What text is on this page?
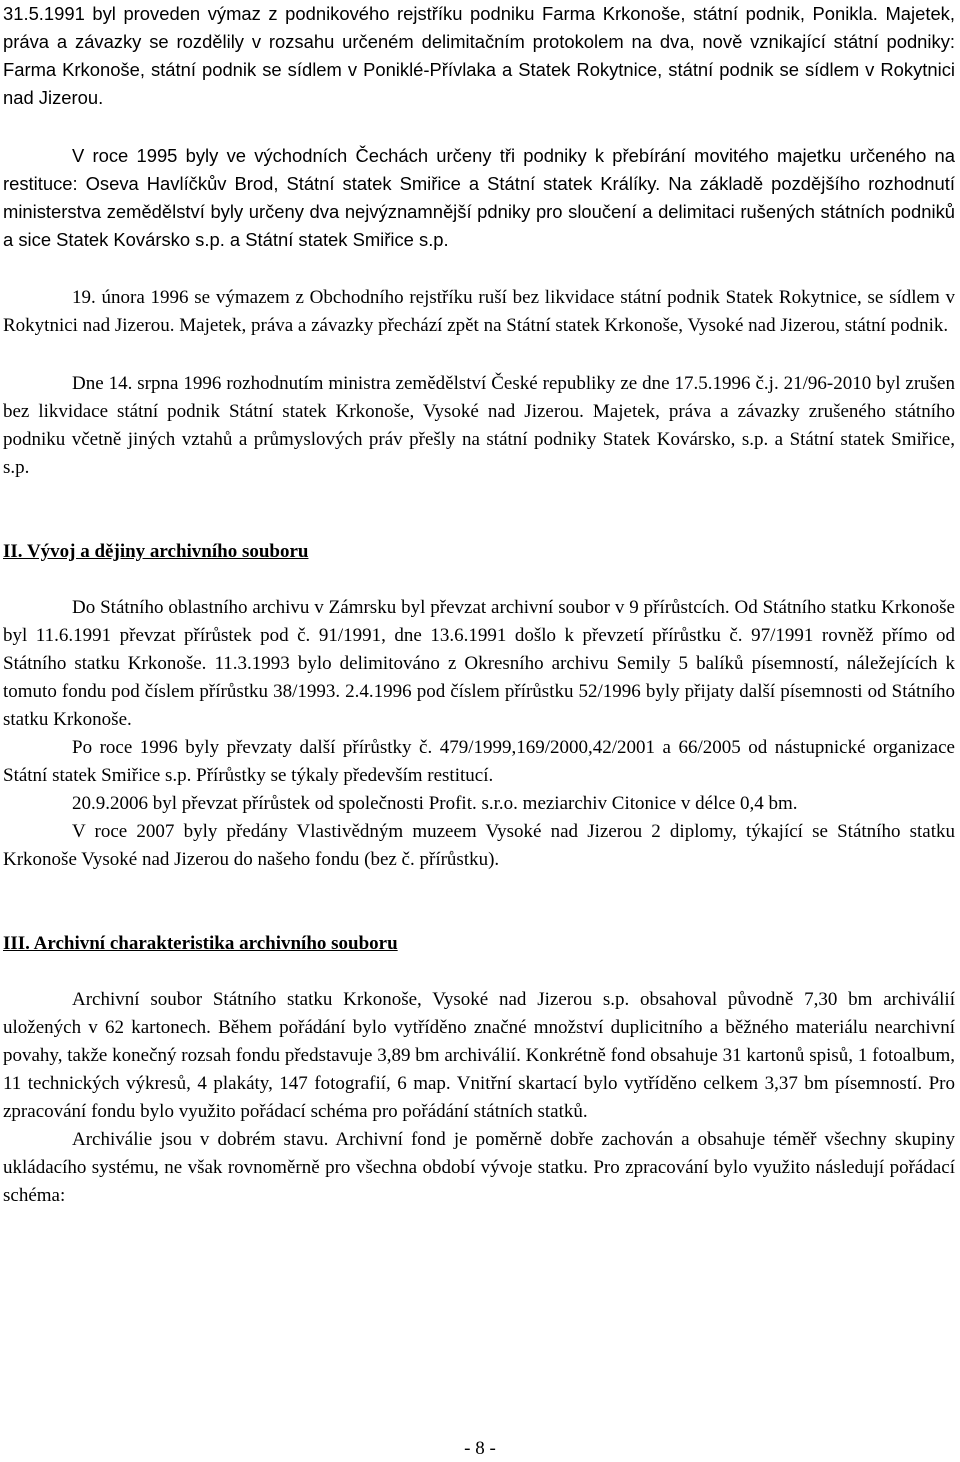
31.5.1991 byl proveden výmaz z podnikového rejstříku podniku Farma Krkonoše, státní podnik, Ponikla. Majetek, práva a závazky se rozdělily v rozsahu určeném delimitačním protokolem na dva, nově vznikající státní podniky: Farma Krkonoše, státní podnik se sídlem v Poniklé-Přívlaka a Statek Rokytnice, státní podnik se sídlem v Rokytnici nad Jizerou.

V roce 1995 byly ve východních Čechách určeny tři podniky k přebírání movitého majetku určeného na restituce: Oseva Havlíčkův Brod, Státní statek Smiřice a Státní statek Králíky. Na základě pozdějšího rozhodnutí ministerstva zemědělství byly určeny dva nejvýznamnější pdniky pro sloučení a delimitaci rušených státních podniků a sice Statek Kovársko s.p. a Státní statek Smiřice s.p.

19. února 1996 se výmazem z Obchodního rejstříku ruší bez likvidace státní podnik Statek Rokytnice, se sídlem v Rokytnici nad Jizerou. Majetek, práva a závazky přechází zpět na Státní statek Krkonoše, Vysoké nad Jizerou, státní podnik.

Dne 14. srpna 1996 rozhodnutím ministra zemědělství České republiky ze dne 17.5.1996 č.j. 21/96-2010 byl zrušen bez likvidace státní podnik Státní statek Krkonoše, Vysoké nad Jizerou. Majetek, práva a závazky zrušeného státního podniku včetně jiných vztahů a průmyslových práv přešly na státní podniky Statek Kovársko, s.p. a Státní statek Smiřice, s.p.

II. Vývoj a dějiny archivního souboru

Do Státního oblastního archivu v Zámrsku byl převzat archivní soubor v 9 přírůstcích. Od Státního statku Krkonoše byl 11.6.1991 převzat přírůstek pod č. 91/1991, dne 13.6.1991 došlo k převzetí přírůstku č. 97/1991 rovněž přímo od Státního statku Krkonoše. 11.3.1993 bylo delimitováno z Okresního archivu Semily 5 balíků písemností, náležejících k tomuto fondu pod číslem přírůstku 38/1993. 2.4.1996 pod číslem přírůstku 52/1996 byly přijaty další písemnosti od Státního statku Krkonoše.

Po roce 1996 byly převzaty další přírůstky č. 479/1999,169/2000,42/2001 a 66/2005 od nástupnické organizace Státní statek Smiřice s.p. Přírůstky se týkaly především restitucí.

20.9.2006 byl převzat přírůstek od společnosti Profit. s.r.o. meziarchiv Citonice v délce 0,4 bm.

V roce 2007 byly předány Vlastivědným muzeem Vysoké nad Jizerou 2 diplomy, týkající se Státního statku Krkonoše Vysoké nad Jizerou do našeho fondu (bez č. přírůstku).

III. Archivní charakteristika archivního souboru

Archivní soubor Státního statku Krkonoše, Vysoké nad Jizerou s.p. obsahoval původně 7,30 bm archiválií uložených v 62 kartonech. Během pořádání bylo vytříděno značné množství duplicitního a běžného materiálu nearchivní povahy, takže konečný rozsah fondu představuje 3,89 bm archiválií. Konkrétně fond obsahuje 31 kartonů spisů, 1 fotoalbum, 11 technických výkresů, 4 plakáty, 147 fotografií, 6 map. Vnitřní skartací bylo vytříděno celkem 3,37 bm písemností. Pro zpracování fondu bylo využito pořádací schéma pro pořádání státních statků.

Archiválie jsou v dobrém stavu. Archivní fond je poměrně dobře zachován a obsahuje téměř všechny skupiny ukládacího systému, ne však rovnoměrně pro všechna období vývoje statku. Pro zpracování bylo využito následují pořádací schéma:

- 8 -
